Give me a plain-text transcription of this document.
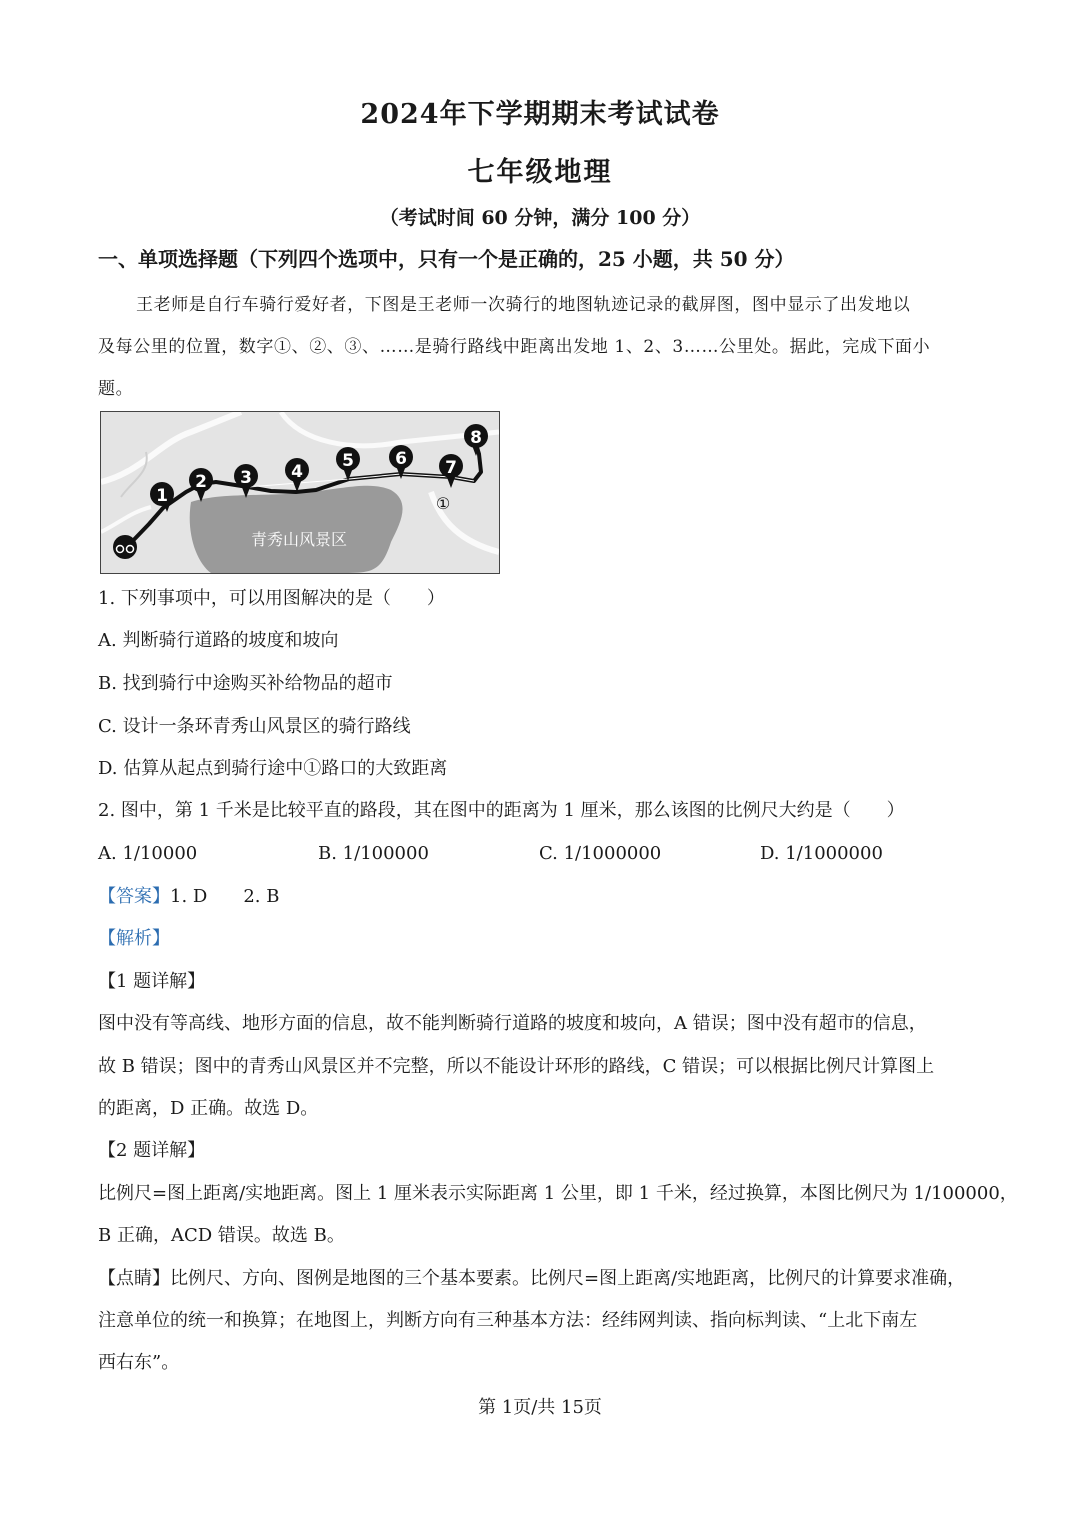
2024年下学期期末考试试卷
七年级地理
（考试时间 60 分钟，满分 100 分）
一、单项选择题（下列四个选项中，只有一个是正确的，25 小题，共 50 分）
王老师是自行车骑行爱好者，下图是王老师一次骑行的地图轨迹记录的截屏图，图中显示了出发地以
及每公里的位置，数字①、②、③、……是骑行路线中距离出发地 1、2、3……公里处。据此，完成下面小
题。
青秀山风景区
1
2 3 4
5 6 7
8
①
1. 下列事项中，可以用图解决的是（　　）
A. 判断骑行道路的坡度和坡向
B. 找到骑行中途购买补给物品的超市
C. 设计一条环青秀山风景区的骑行路线
D. 估算从起点到骑行途中①路口的大致距离
2. 图中，第 1 千米是比较平直的路段，其在图中的距离为 1 厘米，那么该图的比例尺大约是（　　）
A. 1/10000	B. 1/100000	C. 1/1000000	D. 1/1000000
【答案】1. D 2. B
【解析】
【1 题详解】
图中没有等高线、地形方面的信息，故不能判断骑行道路的坡度和坡向，A 错误；图中没有超市的信息，
故 B 错误；图中的青秀山风景区并不完整，所以不能设计环形的路线，C 错误；可以根据比例尺计算图上
的距离，D 正确。故选 D。
【2 题详解】
比例尺=图上距离/实地距离。图上 1 厘米表示实际距离 1 公里，即 1 千米，经过换算，本图比例尺为 1/100000，
B 正确，ACD 错误。故选 B。
【点睛】比例尺、方向、图例是地图的三个基本要素。比例尺=图上距离/实地距离，比例尺的计算要求准确，
注意单位的统一和换算；在地图上，判断方向有三种基本方法：经纬网判读、指向标判读、“上北下南左
西右东”。
第 1页/共 15页
